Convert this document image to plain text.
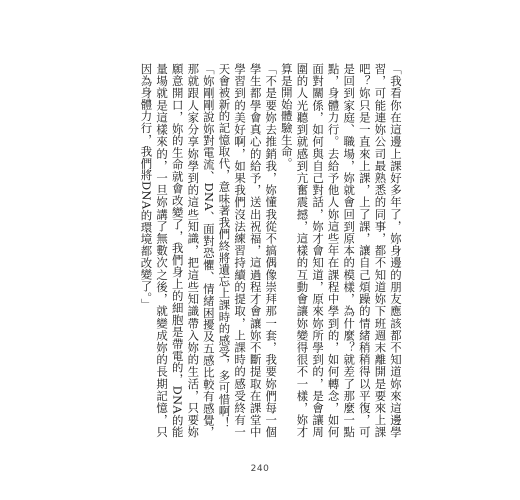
「我看你在這邊上課好多年了，妳身邊的朋友應該都不知道妳來這邊學習，可能連妳公司最熟悉的同事，都不知道妳下班週末離開是要來上課吧？妳只是一直來上課，上了課，讓自己煩躁的情緒稍稍得以平復，可是回到家庭、職場，妳就會回到原本的模樣，為什麼？就差了那麼一點點，身體力行。去給予他人妳這些年在課程中學到的，如何轉念，如何面對關係，如何與自己對話，妳才會知道，原來妳所學到的，是會讓周圍的人光聽到就感到亢奮震撼，這樣的互動會讓妳變得很不一樣，妳才算是開始體驗生命。

「不是要妳去推銷我，妳懂我從不搞偶像崇拜那一套，我要妳們每一個學生都學會真心的給予，送出祝福，這過程才會讓妳不斷提取在課堂中學習到的美好啊，如果我們沒法練習持續的提取，上課時的感受終有一天會被新的記憶取代，意味著我們終將遺忘上課時的感受，多可惜啊！

「妳剛剛說妳對電流、DNA、面對恐懼、情緒困擾及五感比較有感覺，那就跟人家分享妳學到的這些知識，把這些知識帶入妳的生活，只要妳願意開口，妳的生命就會改變了，我們身上的細胞是帶電的，DNA的能量場就是這樣來的，一旦妳講了無數次之後，就變成妳的長期記憶，只因為身體力行，我們將DNA的環境都改變了。」

240
